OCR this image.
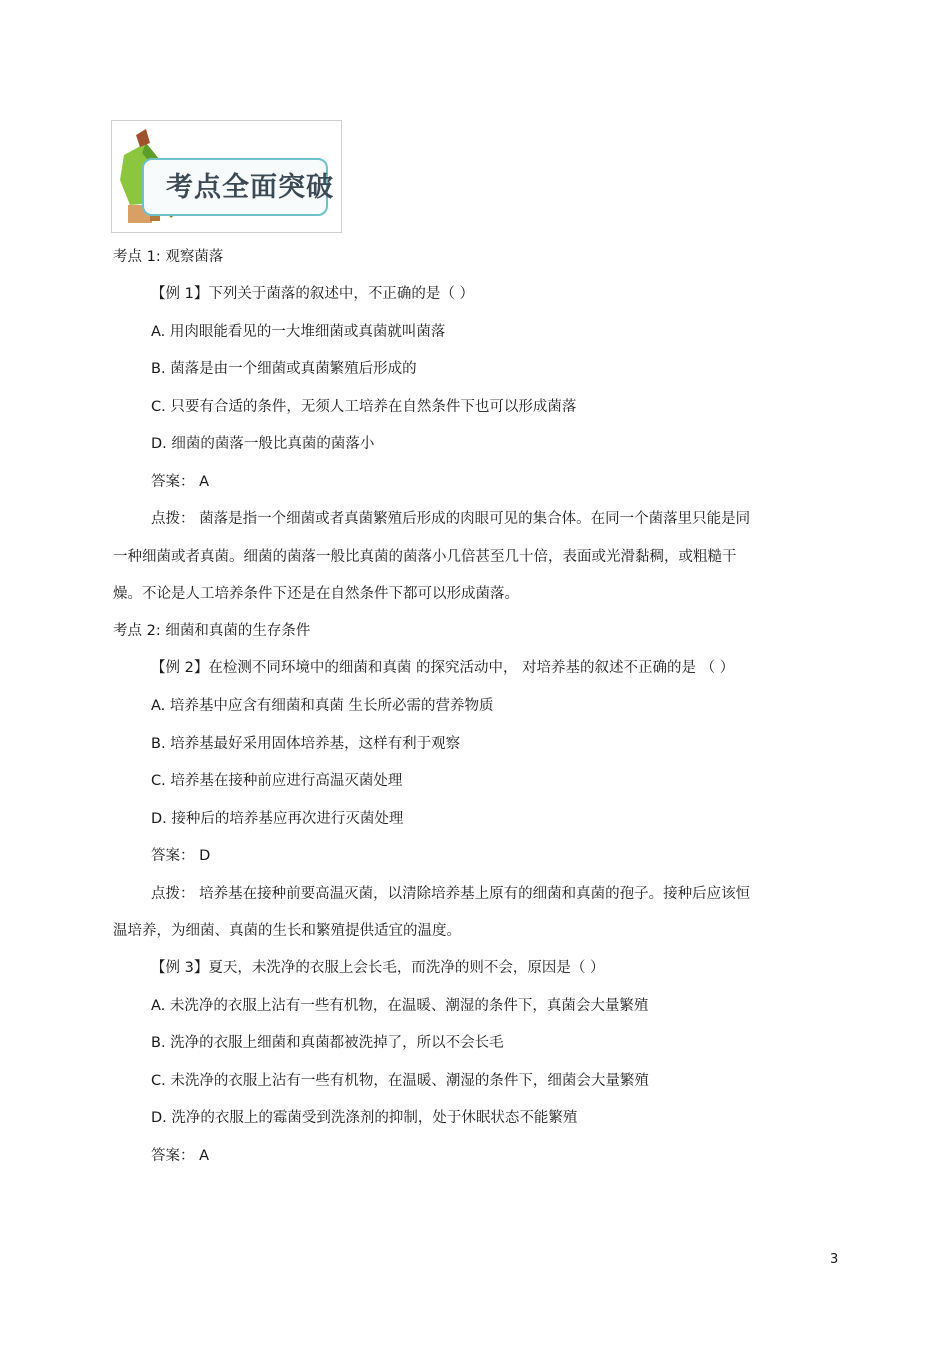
考点全面突破
考点 1: 观察菌落
【例 1】下列关于菌落的叙述中，不正确的是（ ）
A. 用肉眼能看见的一大堆细菌或真菌就叫菌落
B. 菌落是由一个细菌或真菌繁殖后形成的
C. 只要有合适的条件，无须人工培养在自然条件下也可以形成菌落
D. 细菌的菌落一般比真菌的菌落小
答案： A
点拨： 菌落是指一个细菌或者真菌繁殖后形成的肉眼可见的集合体。在同一个菌落里只能是同
一种细菌或者真菌。细菌的菌落一般比真菌的菌落小几倍甚至几十倍，表面或光滑黏稠，或粗糙干
燥。不论是人工培养条件下还是在自然条件下都可以形成菌落。
考点 2: 细菌和真菌的生存条件
【例 2】在检测不同环境中的细菌和真菌 的探究活动中， 对培养基的叙述不正确的是 （ ）
A. 培养基中应含有细菌和真菌 生长所必需的营养物质
B. 培养基最好采用固体培养基，这样有利于观察
C. 培养基在接种前应进行高温灭菌处理
D. 接种后的培养基应再次进行灭菌处理
答案： D
点拨： 培养基在接种前要高温灭菌，以清除培养基上原有的细菌和真菌的孢子。接种后应该恒
温培养，为细菌、真菌的生长和繁殖提供适宜的温度。
【例 3】夏天，未洗净的衣服上会长毛，而洗净的则不会，原因是（ ）
A. 未洗净的衣服上沾有一些有机物，在温暖、潮湿的条件下，真菌会大量繁殖
B. 洗净的衣服上细菌和真菌都被洗掉了，所以不会长毛
C. 未洗净的衣服上沾有一些有机物，在温暖、潮湿的条件下，细菌会大量繁殖
D. 洗净的衣服上的霉菌受到洗涤剂的抑制，处于休眠状态不能繁殖
答案： A
3
